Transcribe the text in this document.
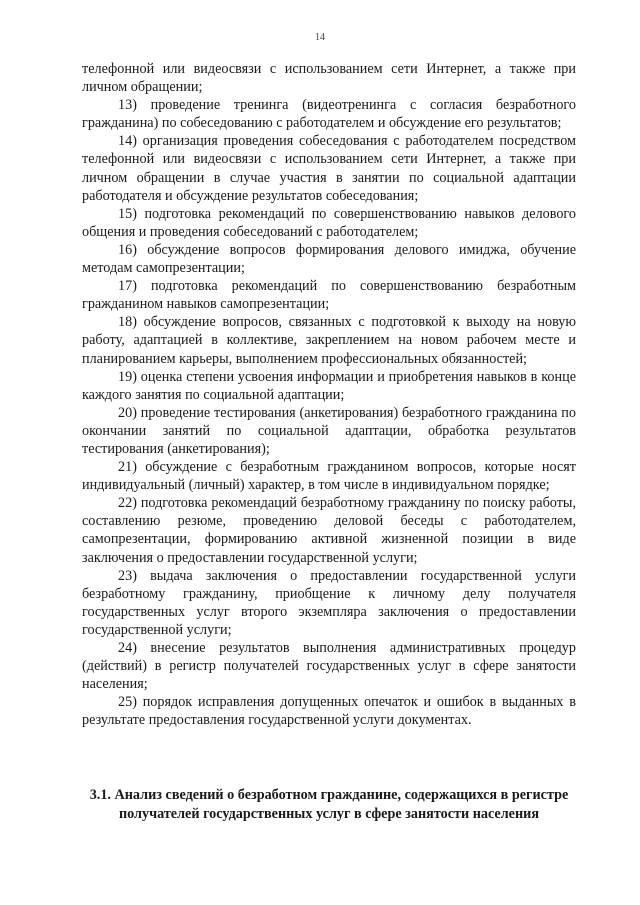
14

телефонной или видеосвязи с использованием сети Интернет, а также при личном обращении;

13) проведение тренинга (видеотренинга с согласия безработного гражданина) по собеседованию с работодателем и обсуждение его результатов;

14) организация проведения собеседования с работодателем посредством телефонной или видеосвязи с использованием сети Интернет, а также при личном обращении в случае участия в занятии по социальной адаптации работодателя и обсуждение результатов собеседования;

15) подготовка рекомендаций по совершенствованию навыков делового общения и проведения собеседований с работодателем;

16) обсуждение вопросов формирования делового имиджа, обучение методам самопрезентации;

17) подготовка рекомендаций по совершенствованию безработным гражданином навыков самопрезентации;

18) обсуждение вопросов, связанных с подготовкой к выходу на новую работу, адаптацией в коллективе, закреплением на новом рабочем месте и планированием карьеры, выполнением профессиональных обязанностей;

19) оценка степени усвоения информации и приобретения навыков в конце каждого занятия по социальной адаптации;

20) проведение тестирования (анкетирования) безработного гражданина по окончании занятий по социальной адаптации, обработка результатов тестирования (анкетирования);

21) обсуждение с безработным гражданином вопросов, которые носят индивидуальный (личный) характер, в том числе в индивидуальном порядке;

22) подготовка рекомендаций безработному гражданину по поиску работы, составлению резюме, проведению деловой беседы с работодателем, самопрезентации, формированию активной жизненной позиции в виде заключения о предоставлении государственной услуги;

23) выдача заключения о предоставлении государственной услуги безработному гражданину, приобщение к личному делу получателя государственных услуг второго экземпляра заключения о предоставлении государственной услуги;

24) внесение результатов выполнения административных процедур (действий) в регистр получателей государственных услуг в сфере занятости населения;

25) порядок исправления допущенных опечаток и ошибок в выданных в результате предоставления государственной услуги документах.

3.1. Анализ сведений о безработном гражданине, содержащихся в регистре получателей государственных услуг в сфере занятости населения
